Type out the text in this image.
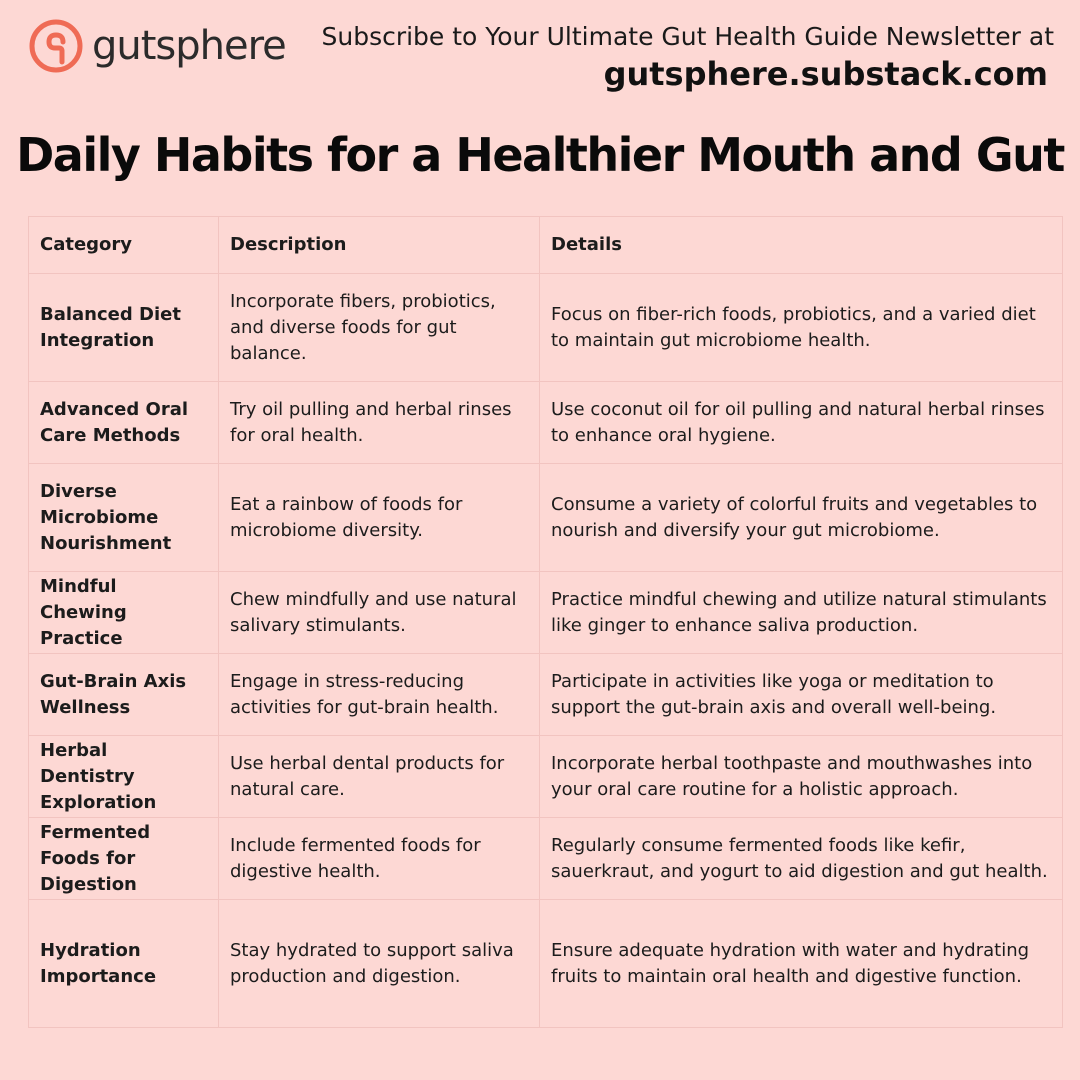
gutsphere	Subscribe to Your Ultimate Gut Health Guide Newsletter at
gutsphere.substack.com
Daily Habits for a Healthier Mouth and Gut
Category	Description	Details
Balanced Diet Integration	Incorporate fibers, probiotics, and diverse foods for gut balance.	Focus on fiber-rich foods, probiotics, and a varied diet to maintain gut microbiome health.
Advanced Oral Care Methods	Try oil pulling and herbal rinses for oral health.	Use coconut oil for oil pulling and natural herbal rinses to enhance oral hygiene.
Diverse Microbiome Nourishment	Eat a rainbow of foods for microbiome diversity.	Consume a variety of colorful fruits and vegetables to nourish and diversify your gut microbiome.
Mindful Chewing Practice	Chew mindfully and use natural salivary stimulants.	Practice mindful chewing and utilize natural stimulants like ginger to enhance saliva production.
Gut-Brain Axis Wellness	Engage in stress-reducing activities for gut-brain health.	Participate in activities like yoga or meditation to support the gut-brain axis and overall well-being.
Herbal Dentistry Exploration	Use herbal dental products for natural care.	Incorporate herbal toothpaste and mouthwashes into your oral care routine for a holistic approach.
Fermented Foods for Digestion	Include fermented foods for digestive health.	Regularly consume fermented foods like kefir, sauerkraut, and yogurt to aid digestion and gut health.
Hydration Importance	Stay hydrated to support saliva production and digestion.	Ensure adequate hydration with water and hydrating fruits to maintain oral health and digestive function.
